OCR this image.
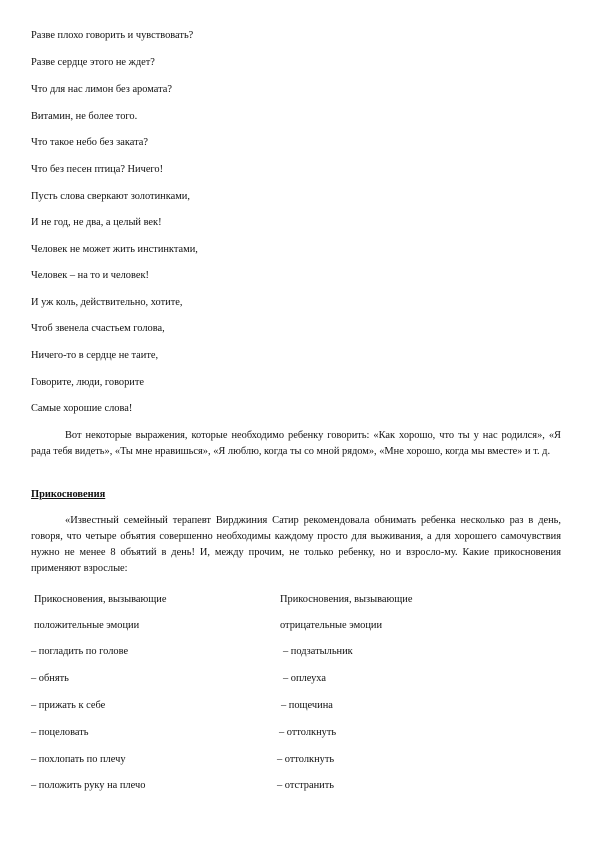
Разве плохо говорить и чувствовать?
Разве сердце этого не ждет?
Что для нас лимон без аромата?
Витамин, не более того.
Что такое небо без заката?
Что без песен птица? Ничего!
Пусть слова сверкают золотинками,
И не год, не два, а целый век!
Человек не может жить инстинктами,
Человек – на то и человек!
И уж коль, действительно, хотите,
Чтоб звенела счастьем голова,
Ничего-то в сердце не таите,
Говорите, люди, говорите
Самые хорошие слова!
Вот некоторые выражения, которые необходимо ребенку говорить: «Как хорошо, что ты у нас родился», «Я рада тебя видеть», «Ты мне нравишься», «Я люблю, когда ты со мной рядом», «Мне хорошо, когда мы вместе» и т. д.
Прикосновения
«Известный семейный терапевт Вирджиния Сатир рекомендовала обнимать ребенка несколько раз в день, говоря, что четыре объятия совершенно необходимы каждому просто для выживания, а для хорошего самочувствия нужно не менее 8 объятий в день! И, между прочим, не только ребенку, но и взросло-му. Какие прикосновения применяют взрослые:
Прикосновения, вызывающие	Прикосновения, вызывающие
положительные эмоции	отрицательные эмоции
– погладить по голове	– подзатыльник
– обнять	– оплеуха
– прижать к себе	– пощечина
– поцеловать	– оттолкнуть
– похлопать по плечу	– оттолкнуть
– положить руку на плечо	– отстранить
